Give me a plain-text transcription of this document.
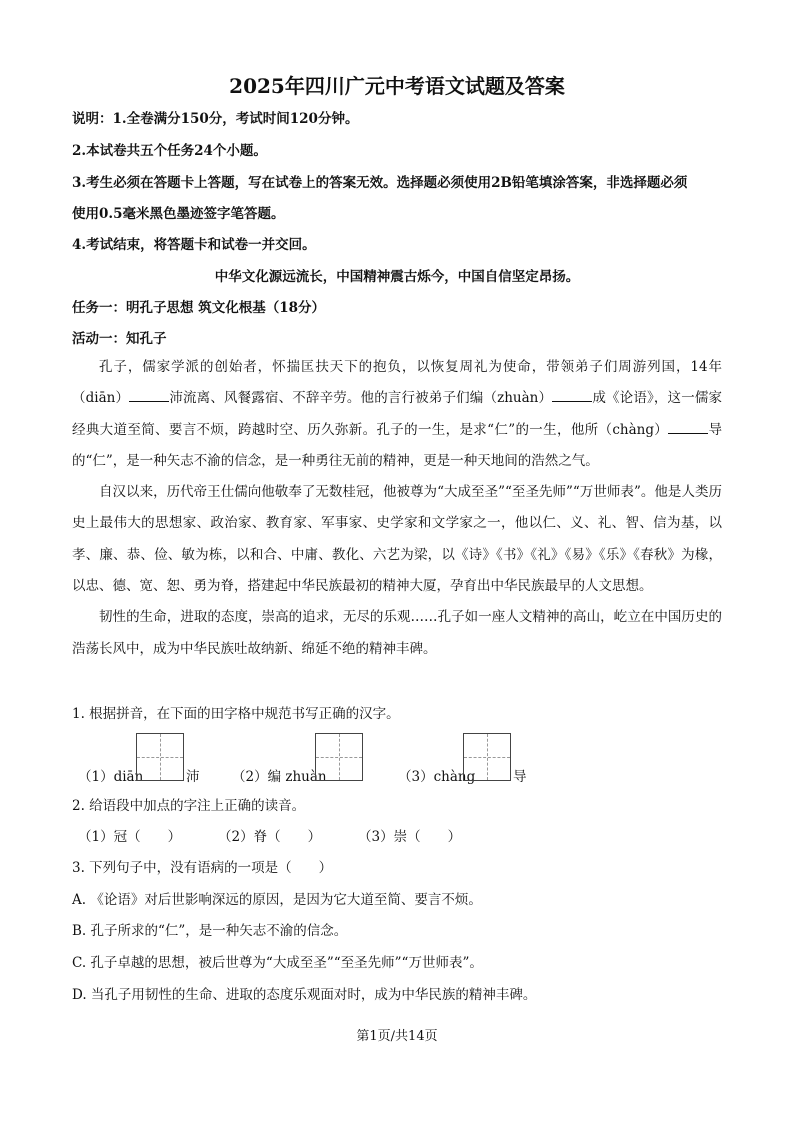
2025年四川广元中考语文试题及答案
说明：1.全卷满分150分，考试时间120分钟。
2.本试卷共五个任务24个小题。
3.考生必须在答题卡上答题，写在试卷上的答案无效。选择题必须使用2B铅笔填涂答案，非选择题必须
使用0.5毫米黑色墨迹签字笔答题。
4.考试结束，将答题卡和试卷一并交回。
中华文化源远流长，中国精神震古烁今，中国自信坚定昂扬。
任务一：明孔子思想 筑文化根基（18分）
活动一：知孔子

孔子，儒家学派的创始者，怀揣匡扶天下的抱负，以恢复周礼为使命，带领弟子们周游列国，14年（diān）	沛流离、风餐露宿、不辞辛劳。他的言行被弟子们编（zhuàn）	成《论语》，这一儒家经典大道至简、要言不烦，跨越时空、历久弥新。孔子的一生，是求“仁”的一生，他所（chàng）	导的“仁”，是一种矢志不渝的信念，是一种勇往无前的精神，更是一种天地间的浩然之气。

自汉以来，历代帝王仕儒向他敬奉了无数桂冠，他被尊为“大成至圣”“至圣先师”“万世师表”。他是人类历史上最伟大的思想家、政治家、教育家、军事家、史学家和文学家之一，他以仁、义、礼、智、信为基，以孝、廉、恭、俭、敏为栋，以和合、中庸、教化、六艺为梁，以《诗》《书》《礼》《易》《乐》《春秋》为椽，以忠、德、宽、恕、勇为脊，搭建起中华民族最初的精神大厦，孕育出中华民族最早的人文思想。

韧性的生命，进取的态度，崇高的追求，无尽的乐观……孔子如一座人文精神的高山，屹立在中国历史的浩荡长风中，成为中华民族吐故纳新、绵延不绝的精神丰碑。

1. 根据拼音，在下面的田字格中规范书写正确的汉字。
（1）diān	沛 （2）编 zhuàn	（3）chàng	导
2. 给语段中加点的字注上正确的读音。
（1）冠（　　）	（2）脊（　　）	（3）崇（　　）
3. 下列句子中，没有语病的一项是（　　）
A. 《论语》对后世影响深远的原因，是因为它大道至简、要言不烦。
B. 孔子所求的“仁”，是一种矢志不渝的信念。
C. 孔子卓越的思想，被后世尊为“大成至圣”“至圣先师”“万世师表”。
D. 当孔子用韧性的生命、进取的态度乐观面对时，成为中华民族的精神丰碑。
第1页/共14页
